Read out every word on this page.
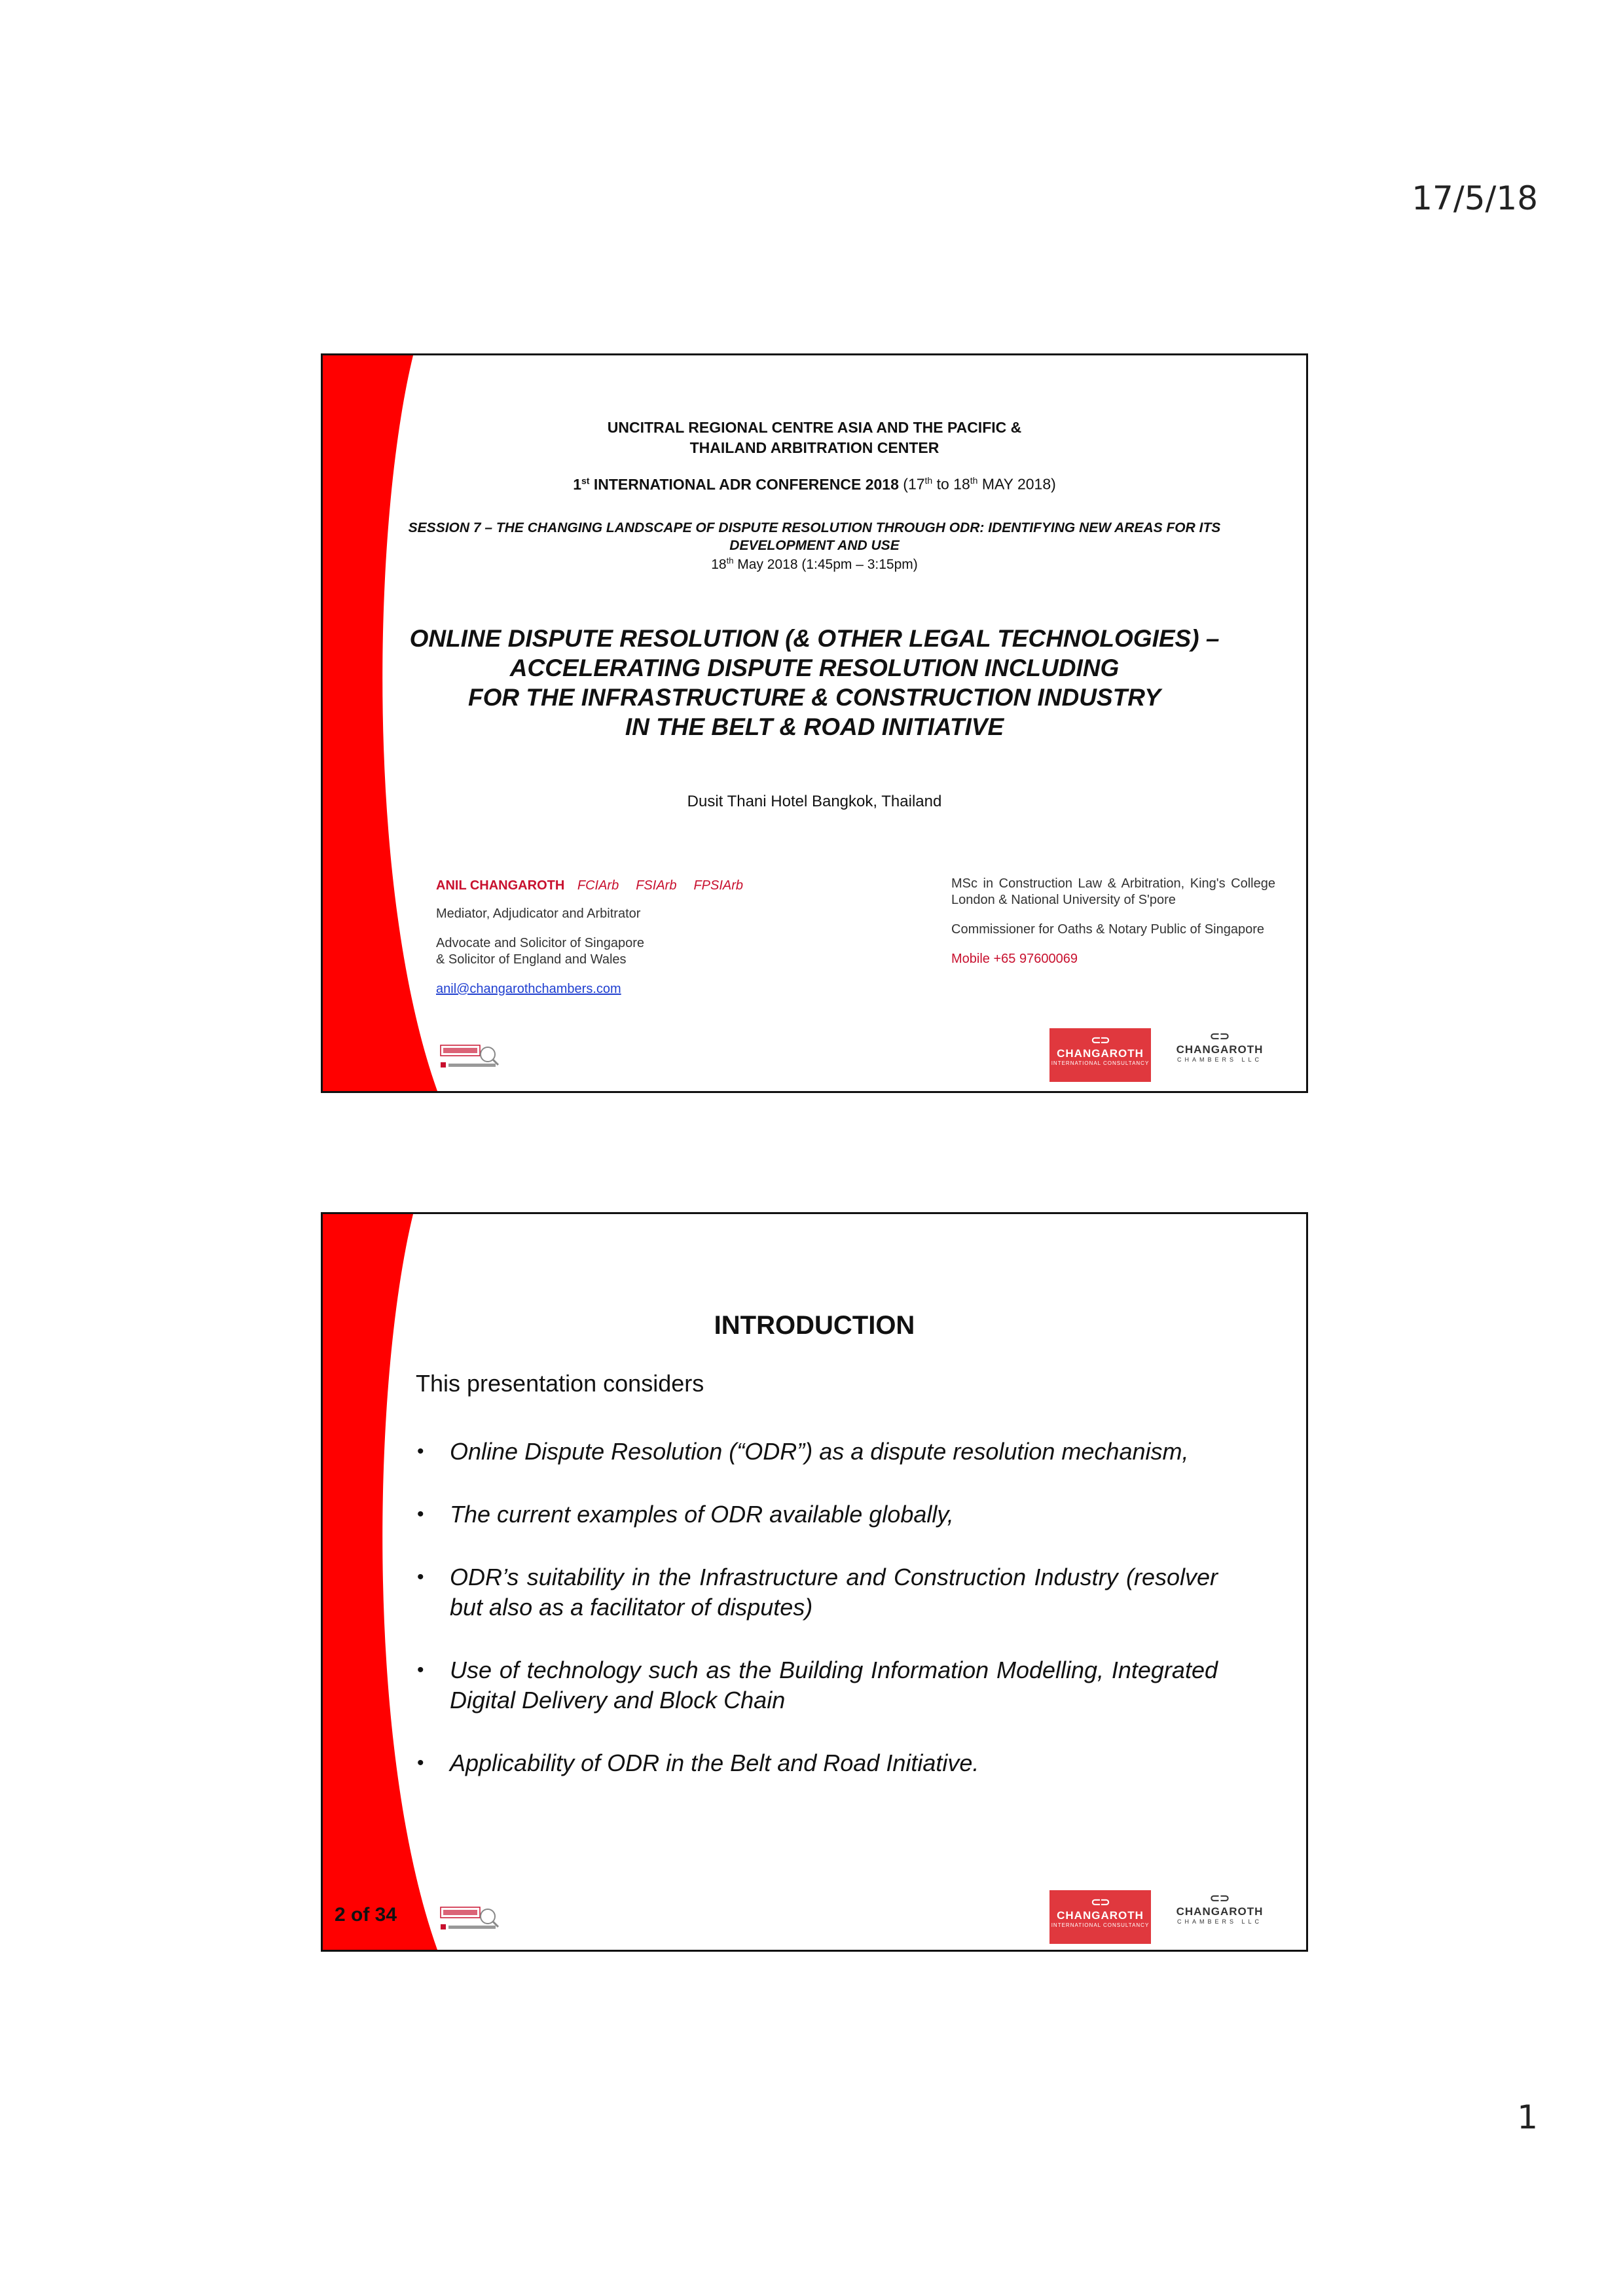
17/5/18
UNCITRAL REGIONAL CENTRE ASIA AND THE PACIFIC &
THAILAND ARBITRATION CENTER
1st INTERNATIONAL ADR CONFERENCE 2018 (17th to 18th MAY 2018)
SESSION 7 – THE CHANGING LANDSCAPE OF DISPUTE RESOLUTION THROUGH ODR: IDENTIFYING NEW AREAS FOR ITS
DEVELOPMENT AND USE
18th May 2018 (1:45pm – 3:15pm)
ONLINE DISPUTE RESOLUTION (& OTHER LEGAL TECHNOLOGIES) –
ACCELERATING DISPUTE RESOLUTION INCLUDING
FOR THE INFRASTRUCTURE & CONSTRUCTION INDUSTRY
IN THE BELT & ROAD INITIATIVE
Dusit Thani Hotel Bangkok, Thailand
ANIL CHANGAROTH FCIArb FSIArb FPSIArb
Mediator, Adjudicator and Arbitrator
Advocate and Solicitor of Singapore
& Solicitor of England and Wales
anil@changarothchambers.com
MSc in Construction Law & Arbitration, King's College London & National University of S'pore
Commissioner for Oaths & Notary Public of Singapore
Mobile +65 97600069
⊂⊃
CHANGAROTH
INTERNATIONAL CONSULTANCY
⊂⊃
CHANGAROTH
CHAMBERS LLC
INTRODUCTION
This presentation considers
• Online Dispute Resolution (“ODR”) as a dispute resolution mechanism,
• The current examples of ODR available globally,
• ODR’s suitability in the Infrastructure and Construction Industry (resolver but also as a facilitator of disputes)
• Use of technology such as the Building Information Modelling, Integrated Digital Delivery and Block Chain
• Applicability of ODR in the Belt and Road Initiative.
2 of 34
⊂⊃
CHANGAROTH
INTERNATIONAL CONSULTANCY
⊂⊃
CHANGAROTH
CHAMBERS LLC
1
